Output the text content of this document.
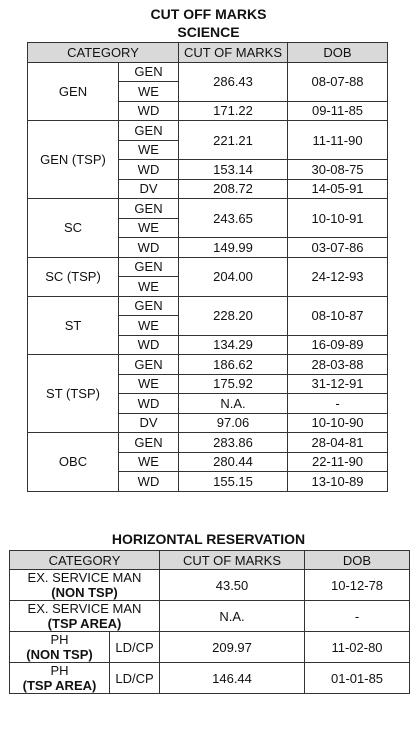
CUT OFF MARKS
SCIENCE
CATEGORY		CUT OF MARKS	DOB
GEN	GEN	286.43	08-07-88
	WE		
	WD	171.22	09-11-85
GEN (TSP)	GEN	221.21	11-11-90
	WE		
	WD	153.14	30-08-75
	DV	208.72	14-05-91
SC	GEN	243.65	10-10-91
	WE		
	WD	149.99	03-07-86
SC (TSP)	GEN	204.00	24-12-93
	WE		
ST	GEN	228.20	08-10-87
	WE		
	WD	134.29	16-09-89
ST (TSP)	GEN	186.62	28-03-88
	WE	175.92	31-12-91
	WD	N.A.	-
	DV	97.06	10-10-90
OBC	GEN	283.86	28-04-81
	WE	280.44	22-11-90
	WD	155.15	13-10-89
HORIZONTAL RESERVATION
CATEGORY		CUT OF MARKS	DOB

EX. SERVICE MAN
(NON TSP)		43.50	10-12-78

EX. SERVICE MAN
(TSP AREA)		N.A.	-

PH
(NON TSP)	LD/CP	209.97	11-02-80

PH
(TSP AREA)	LD/CP	146.44	01-01-85
